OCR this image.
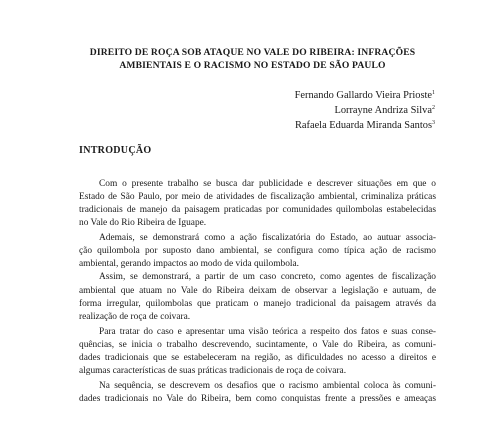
DIREITO DE ROÇA SOB ATAQUE NO VALE DO RIBEIRA: INFRAÇÕES
AMBIENTAIS E O RACISMO NO ESTADO DE SÃO PAULO
Fernando Gallardo Vieira Prioste$^1$
Lorrayne Andriza Silva$^2$
Rafaela Eduarda Miranda Santos$^3$
INTRODUÇÃO
Com o presente trabalho se busca dar publicidade e descrever situações em que o
Estado de São Paulo, por meio de atividades de fiscalização ambiental, criminaliza práticas
tradicionais de manejo da paisagem praticadas por comunidades quilombolas estabelecidas
no Vale do Rio Ribeira de Iguape.
Ademais, se demonstrará como a ação fiscalizatória do Estado, ao autuar associa-
ção quilombola por suposto dano ambiental, se configura como típica ação de racismo
ambiental, gerando impactos ao modo de vida quilombola.
Assim, se demonstrará, a partir de um caso concreto, como agentes de fiscalização
ambiental que atuam no Vale do Ribeira deixam de observar a legislação e autuam, de
forma irregular, quilombolas que praticam o manejo tradicional da paisagem através da
realização de roça de coivara.
Para tratar do caso e apresentar uma visão teórica a respeito dos fatos e suas conse-
quências, se inicia o trabalho descrevendo, sucintamente, o Vale do Ribeira, as comuni-
dades tradicionais que se estabeleceram na região, as dificuldades no acesso a direitos e
algumas características de suas práticas tradicionais de roça de coivara.
Na sequência, se descrevem os desafios que o racismo ambiental coloca às comuni-
dades tradicionais no Vale do Ribeira, bem como conquistas frente a pressões e ameaças
